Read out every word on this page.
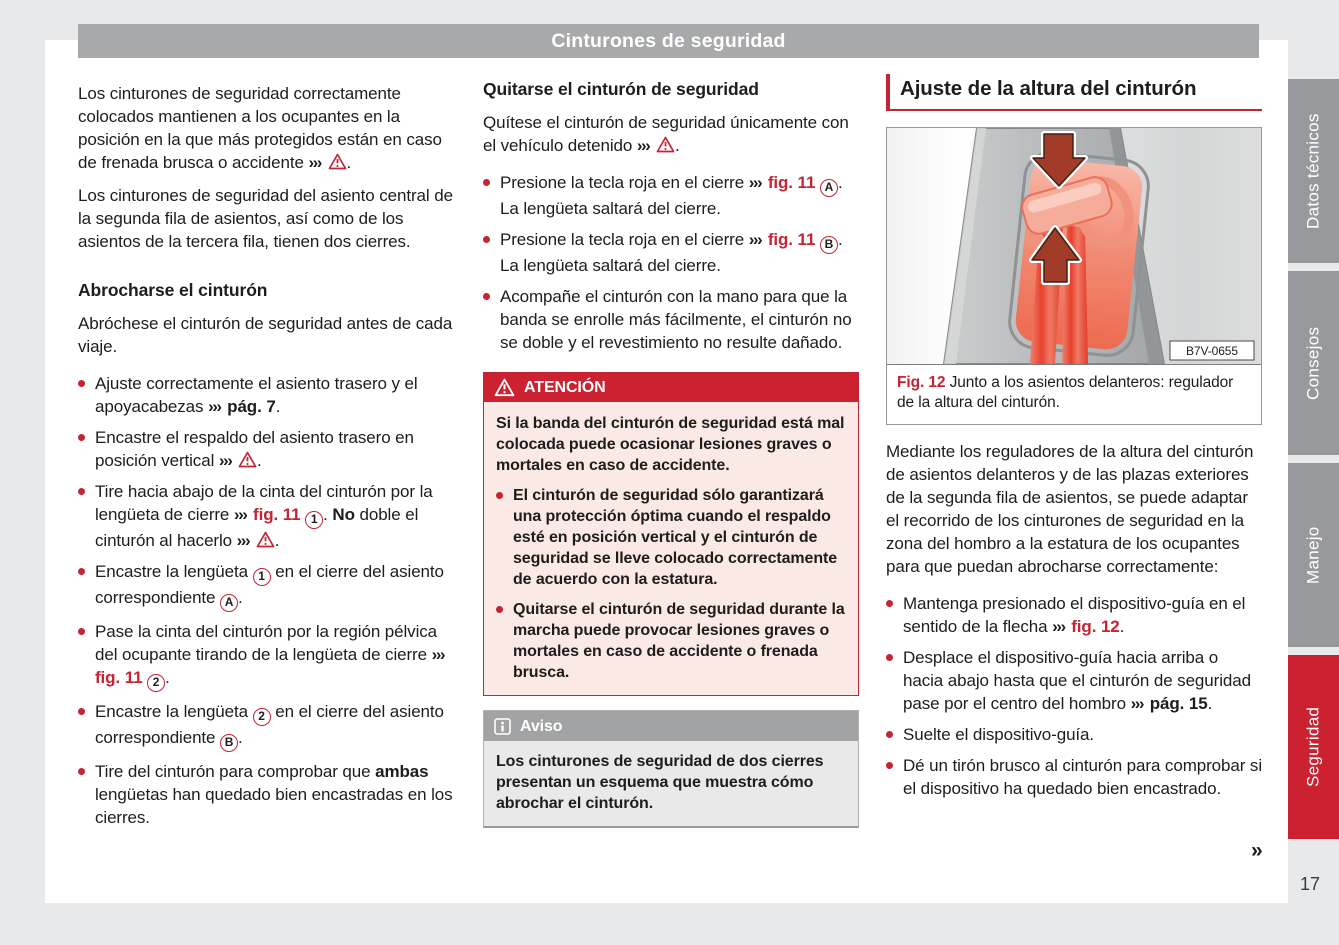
Cinturones de seguridad

Los cinturones de seguridad correctamente colocados mantienen a los ocupantes en la posición en la que más protegidos están en caso de frenada brusca o accidente ››› .

Los cinturones de seguridad del asiento central de la segunda fila de asientos, así como de los asientos de la tercera fila, tienen dos cierres.

Abrocharse el cinturón

Abróchese el cinturón de seguridad antes de cada viaje.

Ajuste correctamente el asiento trasero y el apoyacabezas ››› pág. 7.
Encastre el respaldo del asiento trasero en posición vertical ››› .
Tire hacia abajo de la cinta del cinturón por la lengüeta de cierre ››› fig. 11 1 . No doble el cinturón al hacerlo ››› .
Encastre la lengüeta 1 en el cierre del asiento correspondiente A .
Pase la cinta del cinturón por la región pélvica del ocupante tirando de la lengüeta de cierre ››› fig. 11 2 .
Encastre la lengüeta 2 en el cierre del asiento correspondiente B .
Tire del cinturón para comprobar que ambas lengüetas han quedado bien encastradas en los cierres.
Quitarse el cinturón de seguridad

Quítese el cinturón de seguridad únicamente con el vehículo detenido ››› .

Presione la tecla roja en el cierre ››› fig. 11 A . La lengüeta saltará del cierre.
Presione la tecla roja en el cierre ››› fig. 11 B . La lengüeta saltará del cierre.
Acompañe el cinturón con la mano para que la banda se enrolle más fácilmente, el cinturón no se doble y el revestimiento no resulte dañado.
ATENCIÓN

Si la banda del cinturón de seguridad está mal colocada puede ocasionar lesiones graves o mortales en caso de accidente.

El cinturón de seguridad sólo garantizará una protección óptima cuando el respaldo esté en posición vertical y el cinturón de seguridad se lleve colocado correctamente de acuerdo con la estatura.
Quitarse el cinturón de seguridad durante la marcha puede provocar lesiones graves o mortales en caso de accidente o frenada brusca.
Aviso

Los cinturones de seguridad de dos cierres presentan un esquema que muestra cómo abrochar el cinturón.

Ajuste de la altura del cinturón
B7V-0655
Fig. 12 Junto a los asientos delanteros: regulador de la altura del cinturón.

Mediante los reguladores de la altura del cinturón de asientos delanteros y de las plazas exteriores de la segunda fila de asientos, se puede adaptar el recorrido de los cinturones de seguridad en la zona del hombro a la estatura de los ocupantes para que puedan abrocharse correctamente:

Mantenga presionado el dispositivo-guía en el sentido de la flecha ››› fig. 12.
Desplace el dispositivo-guía hacia arriba o hacia abajo hasta que el cinturón de seguridad pase por el centro del hombro ››› pág. 15.
Suelte el dispositivo-guía.
Dé un tirón brusco al cinturón para comprobar si el dispositivo ha quedado bien encastrado.
Datos técnicos
Consejos
Manejo
Seguridad
»
17
